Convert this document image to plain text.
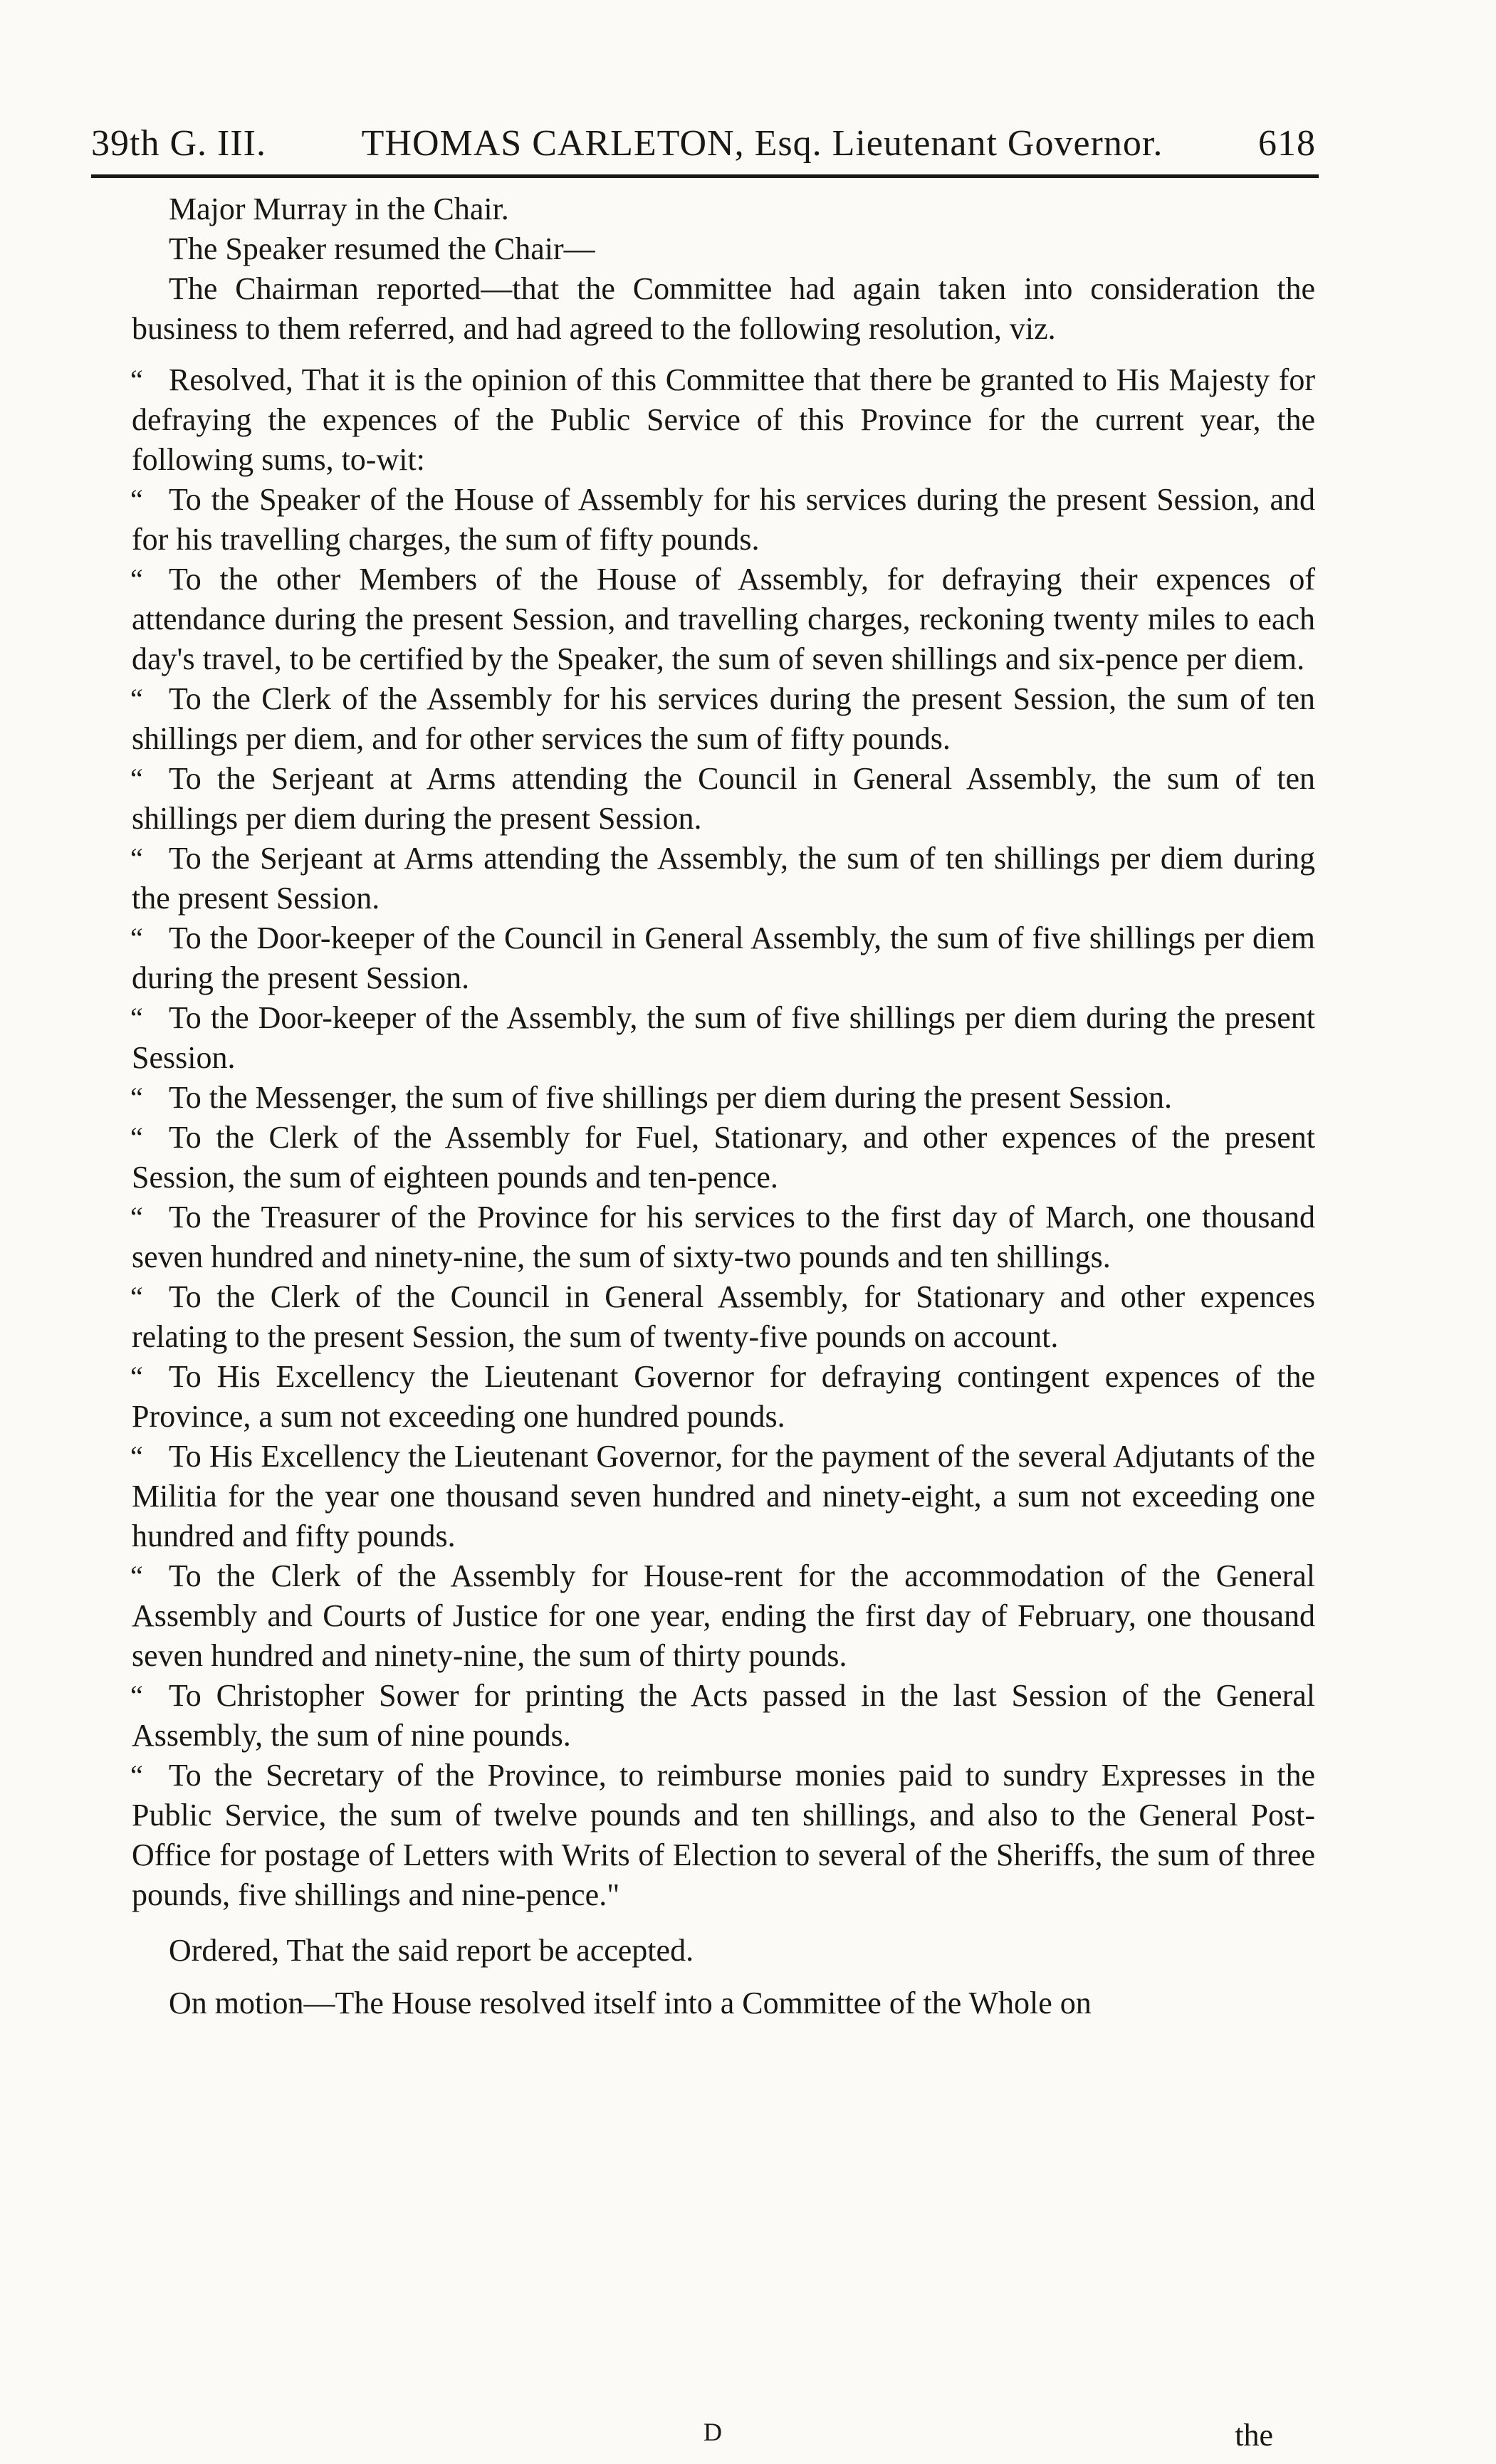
39th G. III.	THOMAS CARLETON, Esq. Lieutenant Governor.	618

Major Murray in the Chair.

The Speaker resumed the Chair—

The Chairman reported—that the Committee had again taken into consideration the business to them referred, and had agreed to the following resolution, viz.

“ Resolved, That it is the opinion of this Committee that there be granted to His Majesty for defraying the expences of the Public Service of this Province for the current year, the following sums, to-wit:

“ To the Speaker of the House of Assembly for his services during the present Session, and for his travelling charges, the sum of fifty pounds.

“ To the other Members of the House of Assembly, for defraying their expences of attendance during the present Session, and travelling charges, reckoning twenty miles to each day's travel, to be certified by the Speaker, the sum of seven shillings and six-pence per diem.

“ To the Clerk of the Assembly for his services during the present Session, the sum of ten shillings per diem, and for other services the sum of fifty pounds.

“ To the Serjeant at Arms attending the Council in General Assembly, the sum of ten shillings per diem during the present Session.

“ To the Serjeant at Arms attending the Assembly, the sum of ten shillings per diem during the present Session.

“ To the Door-keeper of the Council in General Assembly, the sum of five shillings per diem during the present Session.

“ To the Door-keeper of the Assembly, the sum of five shillings per diem during the present Session.

“ To the Messenger, the sum of five shillings per diem during the present Session.

“ To the Clerk of the Assembly for Fuel, Stationary, and other expences of the present Session, the sum of eighteen pounds and ten-pence.

“ To the Treasurer of the Province for his services to the first day of March, one thousand seven hundred and ninety-nine, the sum of sixty-two pounds and ten shillings.

“ To the Clerk of the Council in General Assembly, for Stationary and other expences relating to the present Session, the sum of twenty-five pounds on account.

“ To His Excellency the Lieutenant Governor for defraying contingent expences of the Province, a sum not exceeding one hundred pounds.

“ To His Excellency the Lieutenant Governor, for the payment of the several Adjutants of the Militia for the year one thousand seven hundred and ninety-eight, a sum not exceeding one hundred and fifty pounds.

“ To the Clerk of the Assembly for House-rent for the accommodation of the General Assembly and Courts of Justice for one year, ending the first day of February, one thousand seven hundred and ninety-nine, the sum of thirty pounds.

“ To Christopher Sower for printing the Acts passed in the last Session of the General Assembly, the sum of nine pounds.

“ To the Secretary of the Province, to reimburse monies paid to sundry Expresses in the Public Service, the sum of twelve pounds and ten shillings, and also to the General Post-Office for postage of Letters with Writs of Election to several of the Sheriffs, the sum of three pounds, five shillings and nine-pence."

Ordered, That the said report be accepted.

On motion—The House resolved itself into a Committee of the Whole on

D	the
